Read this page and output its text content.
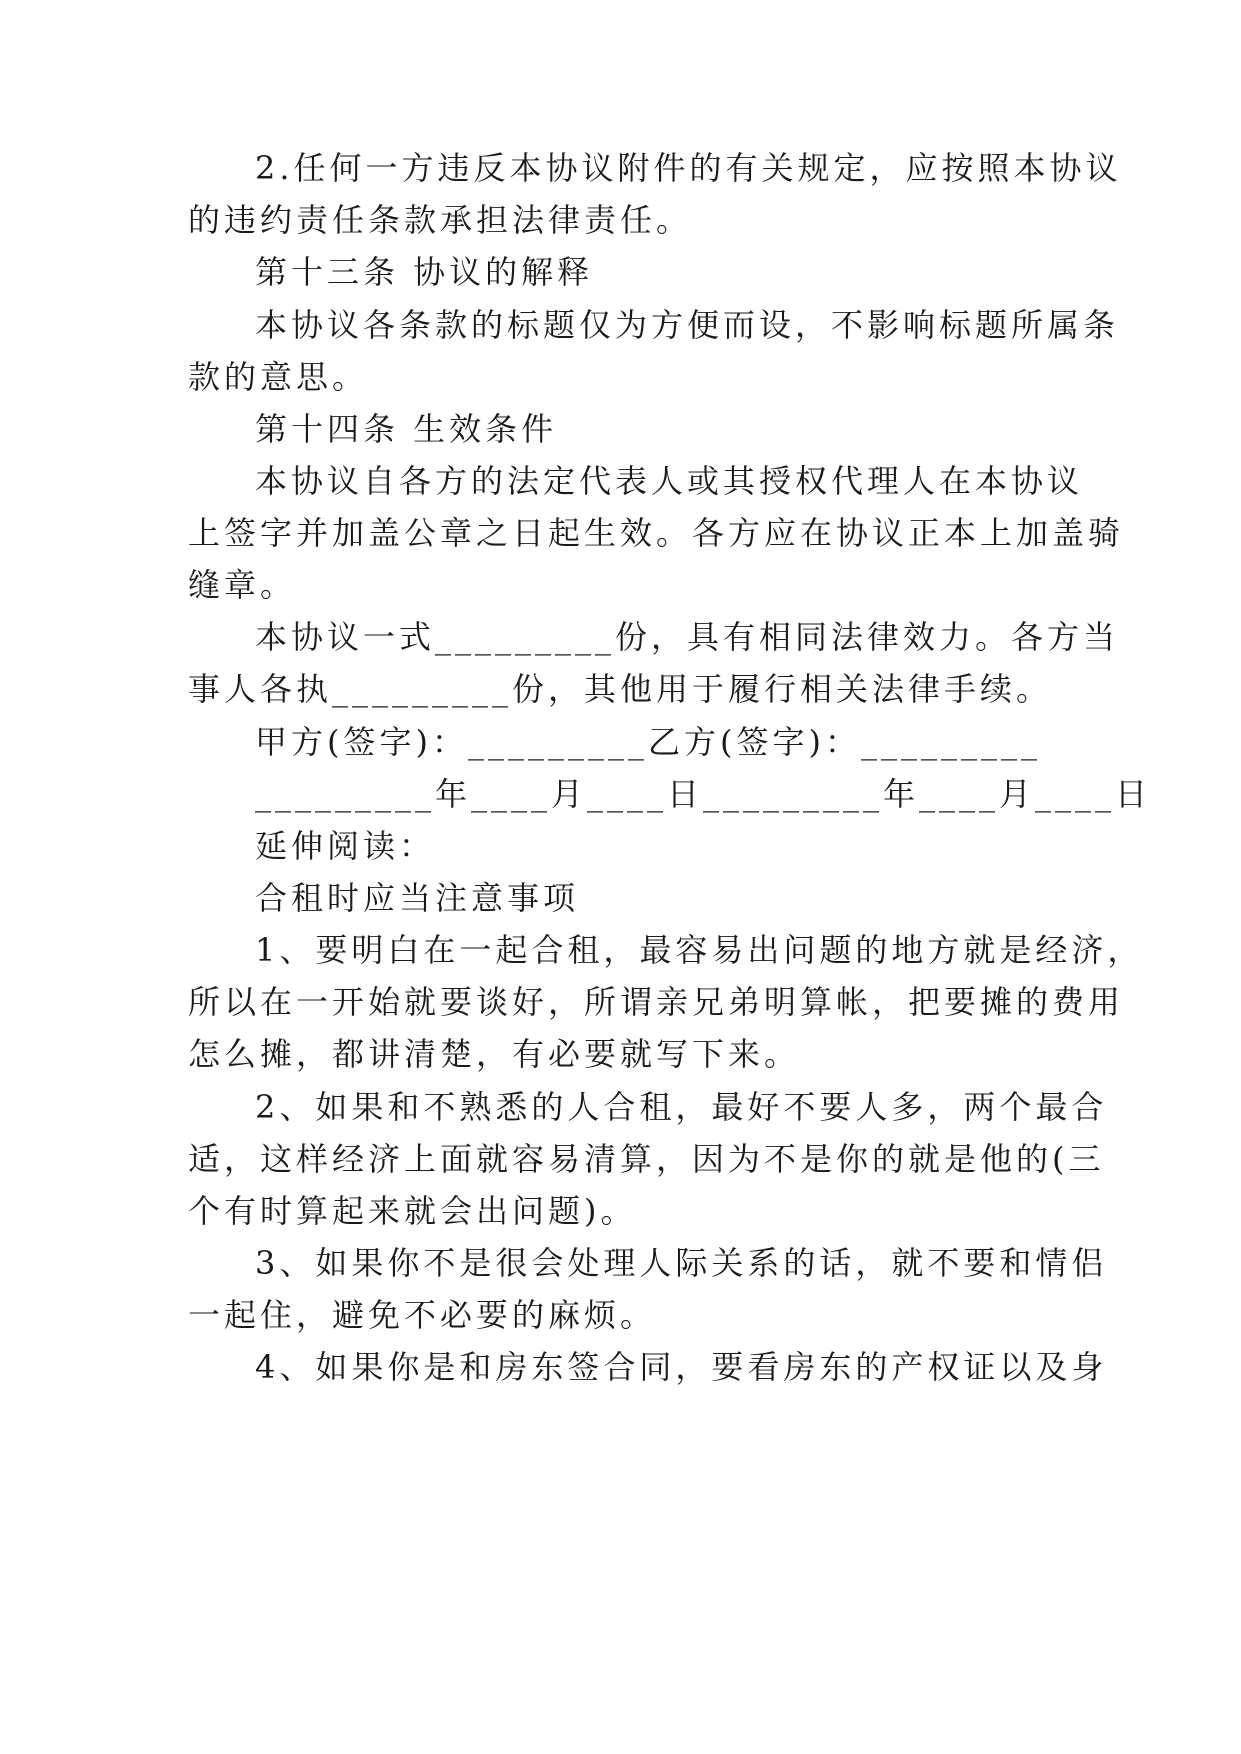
2.任何一方违反本协议附件的有关规定，应按照本协议

的违约责任条款承担法律责任。

第十三条 协议的解释

本协议各条款的标题仅为方便而设，不影响标题所属条

款的意思。

第十四条 生效条件

本协议自各方的法定代表人或其授权代理人在本协议

上签字并加盖公章之日起生效。各方应在协议正本上加盖骑

缝章。

本协议一式_________份，具有相同法律效力。各方当

事人各执_________份，其他用于履行相关法律手续。

甲方(签字)：_________乙方(签字)：_________

_________年____月____日_________年____月____日

延伸阅读：

合租时应当注意事项

1、要明白在一起合租，最容易出问题的地方就是经济，

所以在一开始就要谈好，所谓亲兄弟明算帐，把要摊的费用

怎么摊，都讲清楚，有必要就写下来。

2、如果和不熟悉的人合租，最好不要人多，两个最合

适，这样经济上面就容易清算，因为不是你的就是他的(三

个有时算起来就会出问题)。

3、如果你不是很会处理人际关系的话，就不要和情侣

一起住，避免不必要的麻烦。

4、如果你是和房东签合同，要看房东的产权证以及身
